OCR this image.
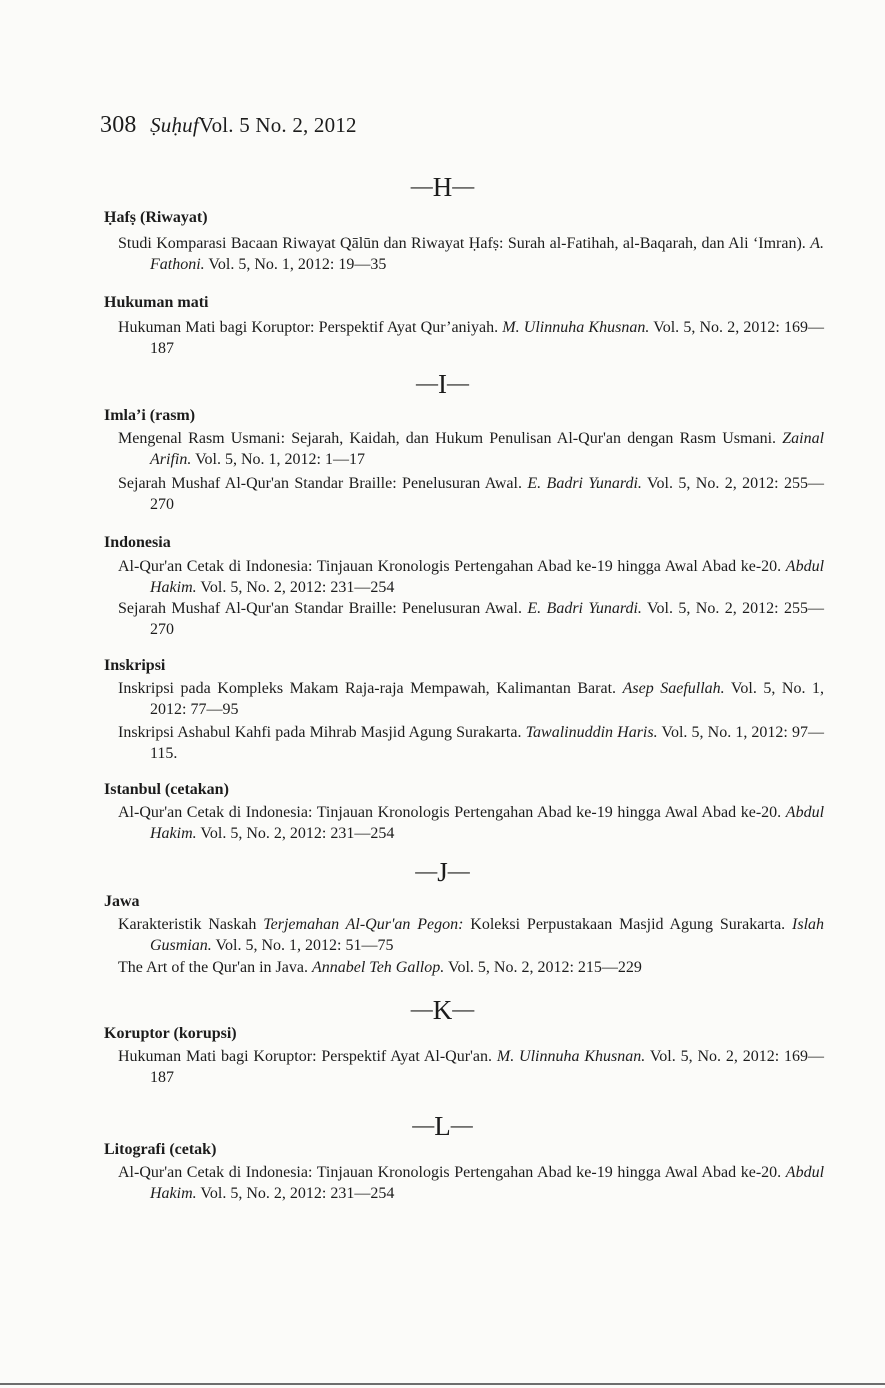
308 ṢuḥufVol. 5 No. 2, 2012
—H—
Ḥafṣ (Riwayat)
Studi Komparasi Bacaan Riwayat Qālūn dan Riwayat Ḥafṣ: Surah al-Fatihah, al-Baqarah, dan Ali ‘Imran). A. Fathoni. Vol. 5, No. 1, 2012: 19—35
Hukuman mati
Hukuman Mati bagi Koruptor: Perspektif Ayat Qur’aniyah. M. Ulinnuha Khusnan. Vol. 5, No. 2, 2012: 169—187
—I—
Imla’i (rasm)
Mengenal Rasm Usmani: Sejarah, Kaidah, dan Hukum Penulisan Al-Qur'an dengan Rasm Usmani. Zainal Arifin. Vol. 5, No. 1, 2012: 1—17
Sejarah Mushaf Al-Qur'an Standar Braille: Penelusuran Awal. E. Badri Yunardi. Vol. 5, No. 2, 2012: 255—270
Indonesia
Al-Qur'an Cetak di Indonesia: Tinjauan Kronologis Pertengahan Abad ke-19 hingga Awal Abad ke-20. Abdul Hakim. Vol. 5, No. 2, 2012: 231—254
Sejarah Mushaf Al-Qur'an Standar Braille: Penelusuran Awal. E. Badri Yunardi. Vol. 5, No. 2, 2012: 255—270
Inskripsi
Inskripsi pada Kompleks Makam Raja-raja Mempawah, Kalimantan Barat. Asep Saefullah. Vol. 5, No. 1, 2012: 77—95
Inskripsi Ashabul Kahfi pada Mihrab Masjid Agung Surakarta. Tawalinuddin Haris. Vol. 5, No. 1, 2012: 97—115.
Istanbul (cetakan)
Al-Qur'an Cetak di Indonesia: Tinjauan Kronologis Pertengahan Abad ke-19 hingga Awal Abad ke-20. Abdul Hakim. Vol. 5, No. 2, 2012: 231—254
—J—
Jawa
Karakteristik Naskah Terjemahan Al-Qur'an Pegon: Koleksi Perpustakaan Masjid Agung Surakarta. Islah Gusmian. Vol. 5, No. 1, 2012: 51—75
The Art of the Qur'an in Java. Annabel Teh Gallop. Vol. 5, No. 2, 2012: 215—229
—K—
Koruptor (korupsi)
Hukuman Mati bagi Koruptor: Perspektif Ayat Al-Qur'an. M. Ulinnuha Khusnan. Vol. 5, No. 2, 2012: 169—187
—L—
Litografi (cetak)
Al-Qur'an Cetak di Indonesia: Tinjauan Kronologis Pertengahan Abad ke-19 hingga Awal Abad ke-20. Abdul Hakim. Vol. 5, No. 2, 2012: 231—254
